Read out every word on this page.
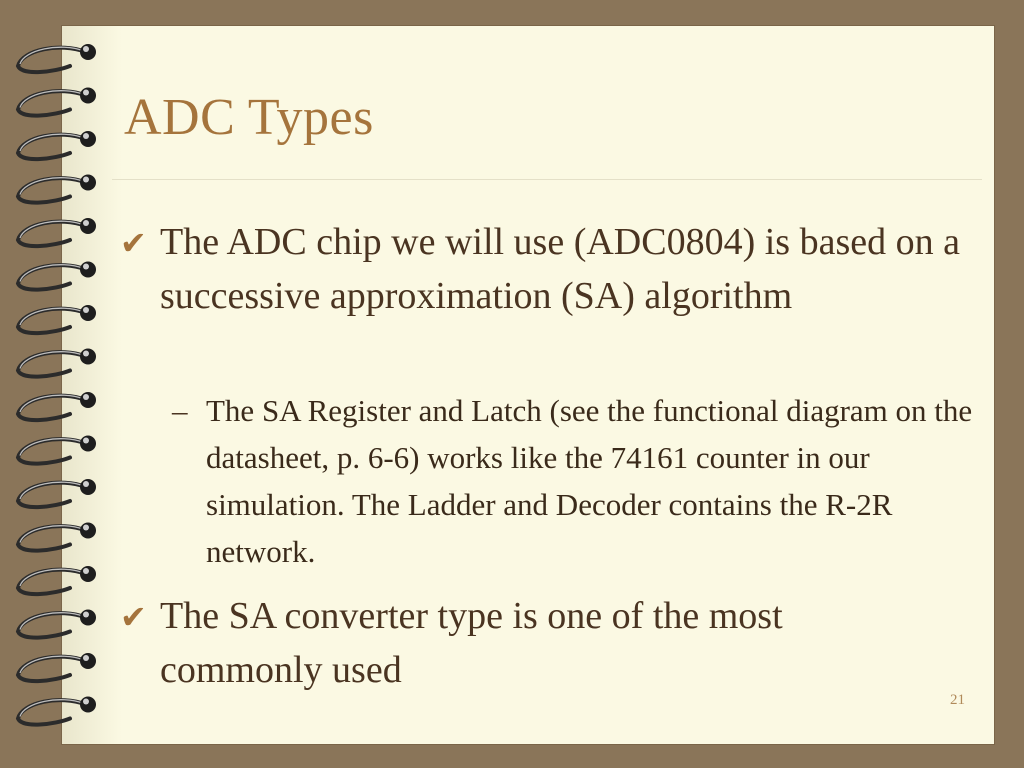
ADC Types
✔ The ADC chip we will use (ADC0804) is based on a successive approximation (SA) algorithm
– The SA Register and Latch (see the functional diagram on the datasheet, p. 6-6) works like the 74161 counter in our simulation. The Ladder and Decoder contains the R-2R network.
✔ The SA converter type is one of the most commonly used
21
